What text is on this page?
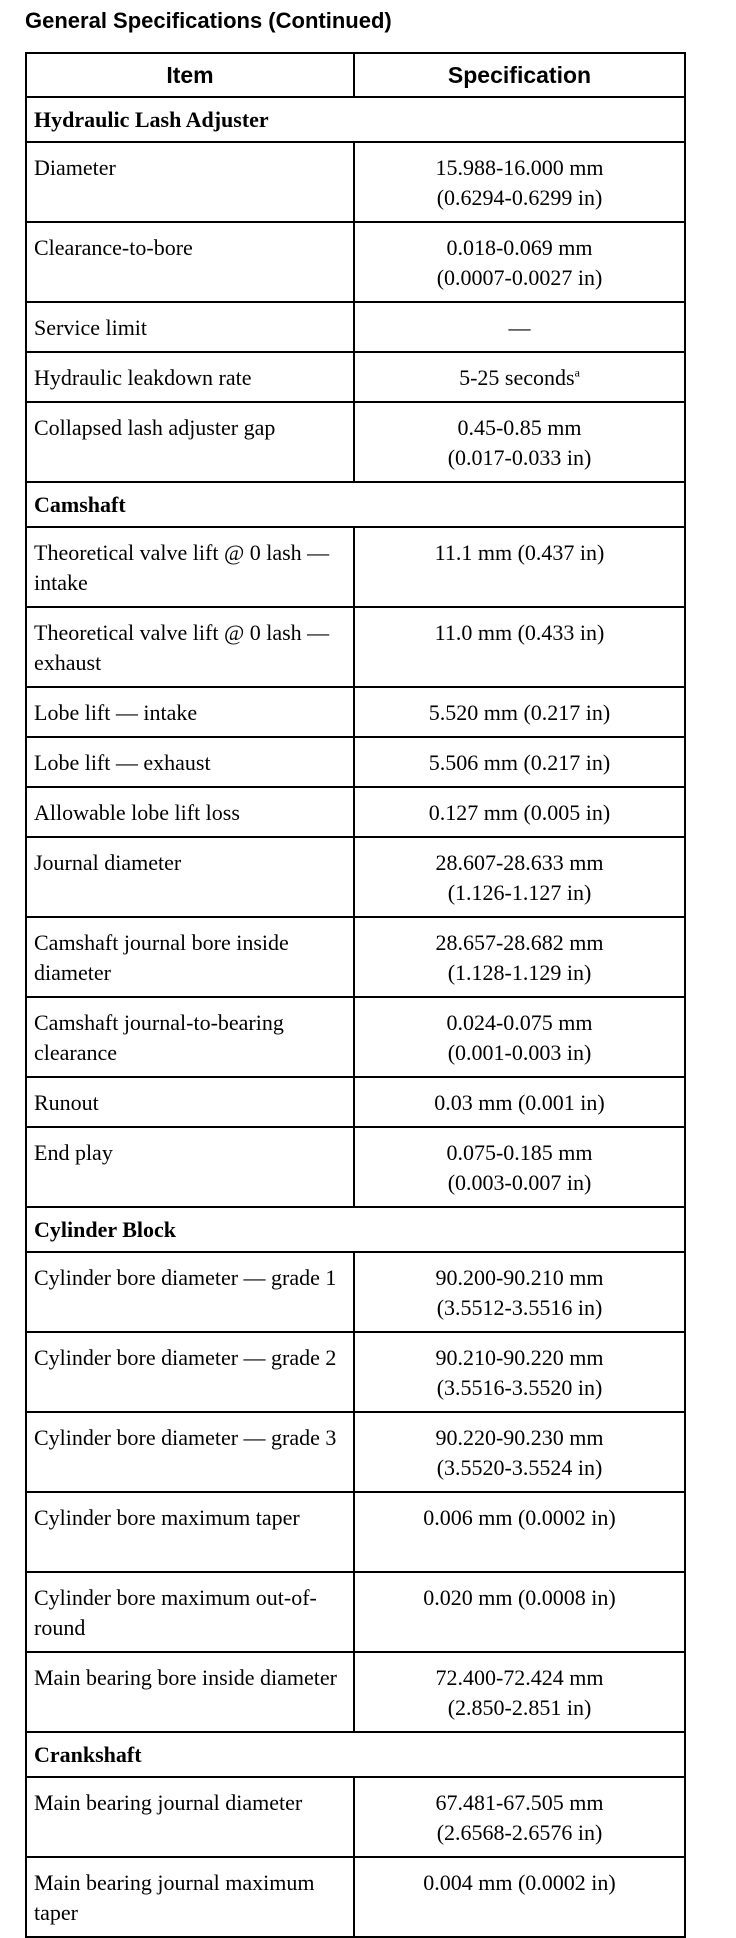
General Specifications (Continued)
Item	Specification
Hydraulic Lash Adjuster	
Diameter	15.988-16.000 mm
(0.6294-0.6299 in)

Clearance-to-bore	0.018-0.069 mm
(0.0007-0.0027 in)

Service limit	—

Hydraulic leakdown rate	5-25 seconds$^a$

Collapsed lash adjuster gap	0.45-0.85 mm
(0.017-0.033 in)

Camshaft	
Theoretical valve lift @ 0 lash — intake	11.1 mm (0.437 in)

Theoretical valve lift @ 0 lash — exhaust	11.0 mm (0.433 in)

Lobe lift — intake	5.520 mm (0.217 in)

Lobe lift — exhaust	5.506 mm (0.217 in)

Allowable lobe lift loss	0.127 mm (0.005 in)

Journal diameter	28.607-28.633 mm
(1.126-1.127 in)

Camshaft journal bore inside diameter	28.657-28.682 mm
(1.128-1.129 in)

Camshaft journal-to-bearing clearance	0.024-0.075 mm
(0.001-0.003 in)

Runout	0.03 mm (0.001 in)

End play	0.075-0.185 mm
(0.003-0.007 in)

Cylinder Block	
Cylinder bore diameter — grade 1	90.200-90.210 mm
(3.5512-3.5516 in)

Cylinder bore diameter — grade 2	90.210-90.220 mm
(3.5516-3.5520 in)

Cylinder bore diameter — grade 3	90.220-90.230 mm
(3.5520-3.5524 in)

Cylinder bore maximum taper	0.006 mm (0.0002 in)

Cylinder bore maximum out-of-round	0.020 mm (0.0008 in)

Main bearing bore inside diameter	72.400-72.424 mm
(2.850-2.851 in)

Crankshaft	
Main bearing journal diameter	67.481-67.505 mm
(2.6568-2.6576 in)

Main bearing journal maximum taper	0.004 mm (0.0002 in)
